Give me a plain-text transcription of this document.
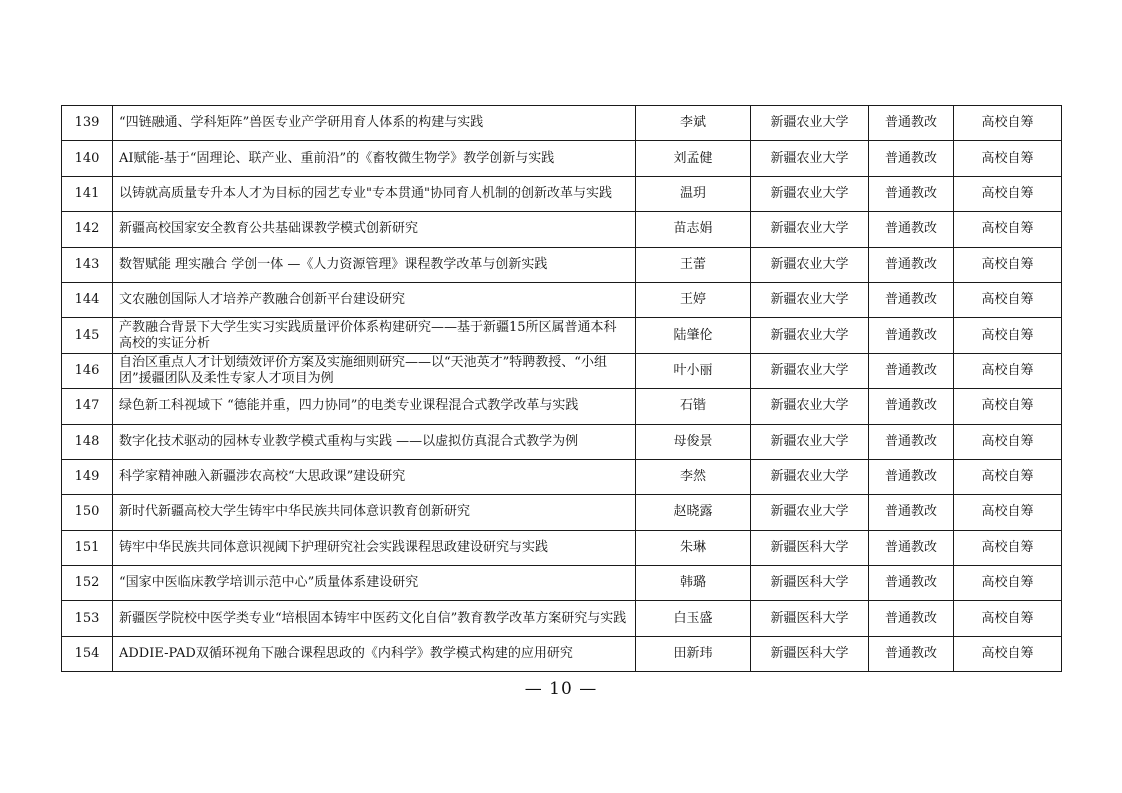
139	“四链融通、学科矩阵”兽医专业产学研用育人体系的构建与实践	李斌	新疆农业大学	普通教改	高校自筹
140	AI赋能-基于“固理论、联产业、重前沿”的《畜牧微生物学》教学创新与实践	刘孟健	新疆农业大学	普通教改	高校自筹
141	以铸就高质量专升本人才为目标的园艺专业"专本贯通"协同育人机制的创新改革与实践	温玥	新疆农业大学	普通教改	高校自筹
142	新疆高校国家安全教育公共基础课教学模式创新研究	苗志娟	新疆农业大学	普通教改	高校自筹
143	数智赋能 理实融合 学创一体 —《人力资源管理》课程教学改革与创新实践	王蕾	新疆农业大学	普通教改	高校自筹
144	文农融创国际人才培养产教融合创新平台建设研究	王婷	新疆农业大学	普通教改	高校自筹
145	产教融合背景下大学生实习实践质量评价体系构建研究——基于新疆15所区属普通本科高校的实证分析	陆肇伦	新疆农业大学	普通教改	高校自筹
146	自治区重点人才计划绩效评价方案及实施细则研究——以“天池英才”特聘教授、“小组团”援疆团队及柔性专家人才项目为例	叶小丽	新疆农业大学	普通教改	高校自筹
147	绿色新工科视域下 “德能并重，四力协同”的电类专业课程混合式教学改革与实践	石锴	新疆农业大学	普通教改	高校自筹
148	数字化技术驱动的园林专业教学模式重构与实践 ——以虚拟仿真混合式教学为例	母俊景	新疆农业大学	普通教改	高校自筹
149	科学家精神融入新疆涉农高校“大思政课”建设研究	李然	新疆农业大学	普通教改	高校自筹
150	新时代新疆高校大学生铸牢中华民族共同体意识教育创新研究	赵晓露	新疆农业大学	普通教改	高校自筹
151	铸牢中华民族共同体意识视阈下护理研究社会实践课程思政建设研究与实践	朱琳	新疆医科大学	普通教改	高校自筹
152	“国家中医临床教学培训示范中心”质量体系建设研究	韩璐	新疆医科大学	普通教改	高校自筹
153	新疆医学院校中医学类专业“培根固本铸牢中医药文化自信”教育教学改革方案研究与实践	白玉盛	新疆医科大学	普通教改	高校自筹
154	ADDIE-PAD双循环视角下融合课程思政的《内科学》教学模式构建的应用研究	田新玮	新疆医科大学	普通教改	高校自筹
— 10 —
